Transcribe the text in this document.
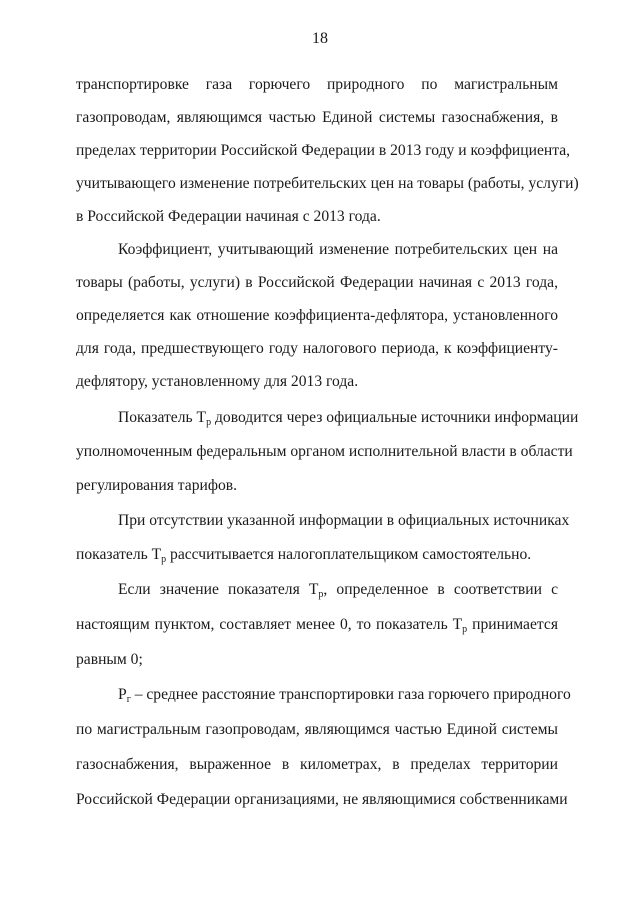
18
транспортировке газа горючего природного по магистральным
газопроводам, являющимся частью Единой системы газоснабжения, в
пределах территории Российской Федерации в 2013 году и коэффициента,
учитывающего изменение потребительских цен на товары (работы, услуги)
в Российской Федерации начиная с 2013 года.
Коэффициент, учитывающий изменение потребительских цен на
товары (работы, услуги) в Российской Федерации начиная с 2013 года,
определяется как отношение коэффициента-дефлятора, установленного
для года, предшествующего году налогового периода, к коэффициенту-
дефлятору, установленному для 2013 года.
Показатель $Т_р$ доводится через официальные источники информации
уполномоченным федеральным органом исполнительной власти в области
регулирования тарифов.
При отсутствии указанной информации в официальных источниках
показатель $Т_р$ рассчитывается налогоплательщиком самостоятельно.
Если значение показателя $Т_р$, определенное в соответствии с
настоящим пунктом, составляет менее 0, то показатель $Т_р$ принимается
равным 0;
$Р_г$ – среднее расстояние транспортировки газа горючего природного
по магистральным газопроводам, являющимся частью Единой системы
газоснабжения, выраженное в километрах, в пределах территории
Российской Федерации организациями, не являющимися собственниками
